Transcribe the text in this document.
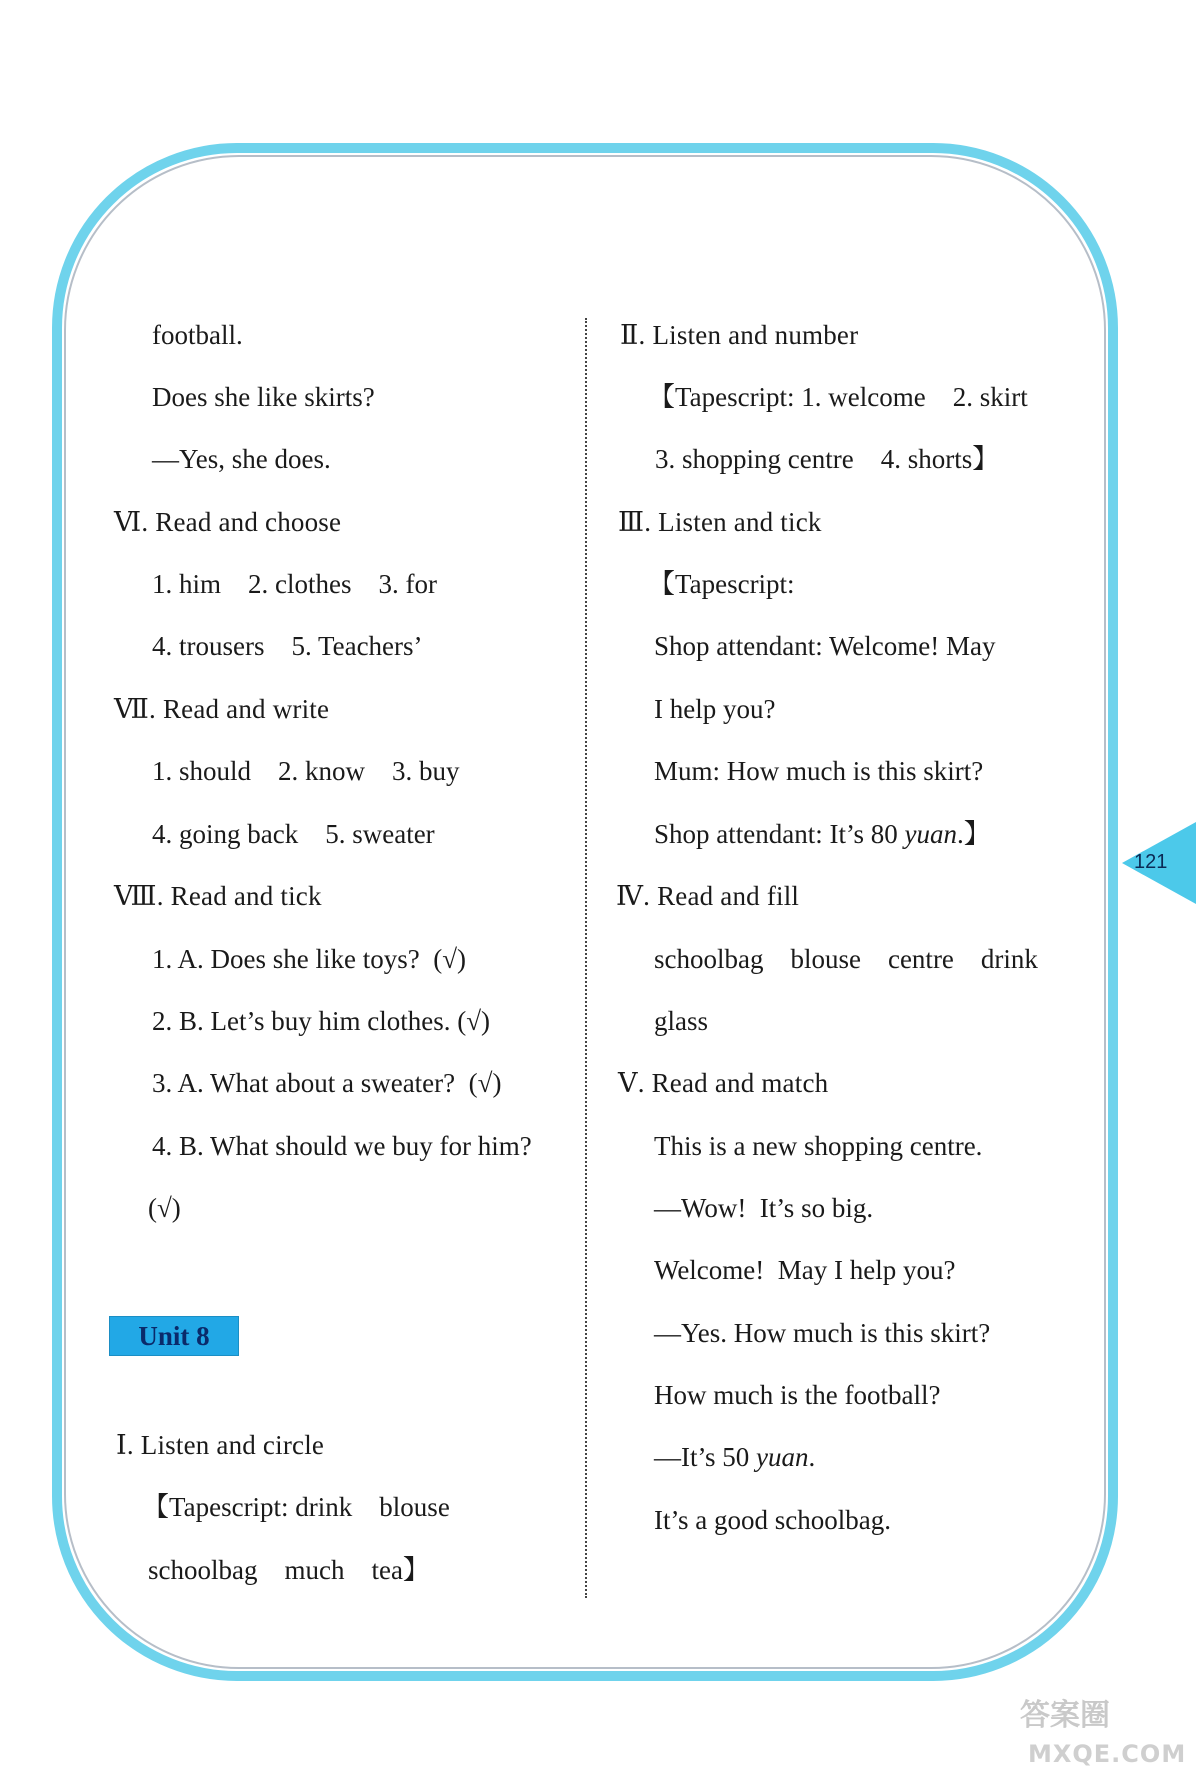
football.
Does she like skirts?
—Yes, she does.
Ⅵ. Read and choose
1. him    2. clothes    3. for
4. trousers    5. Teachers’
Ⅶ. Read and write
1. should    2. know    3. buy
4. going back    5. sweater
Ⅷ. Read and tick
1. A. Does she like toys?  (√)
2. B. Let’s buy him clothes. (√)
3. A. What about a sweater?  (√)
4. B. What should we buy for him?
(√)
Unit 8
Ⅰ. Listen and circle
【Tapescript: drink    blouse
schoolbag    much    tea】
Ⅱ. Listen and number
【Tapescript: 1. welcome    2. skirt
3. shopping centre    4. shorts】
Ⅲ. Listen and tick
【Tapescript:
Shop attendant: Welcome! May
I help you?
Mum: How much is this skirt?
Shop attendant: It’s 80 yuan.】
Ⅳ. Read and fill
schoolbag    blouse    centre    drink
glass
Ⅴ. Read and match
This is a new shopping centre.
—Wow!  It’s so big.
Welcome!  May I help you?
—Yes. How much is this skirt?
How much is the football?
—It’s 50 yuan.
It’s a good schoolbag.
121
答案圈
MXQE.COM
